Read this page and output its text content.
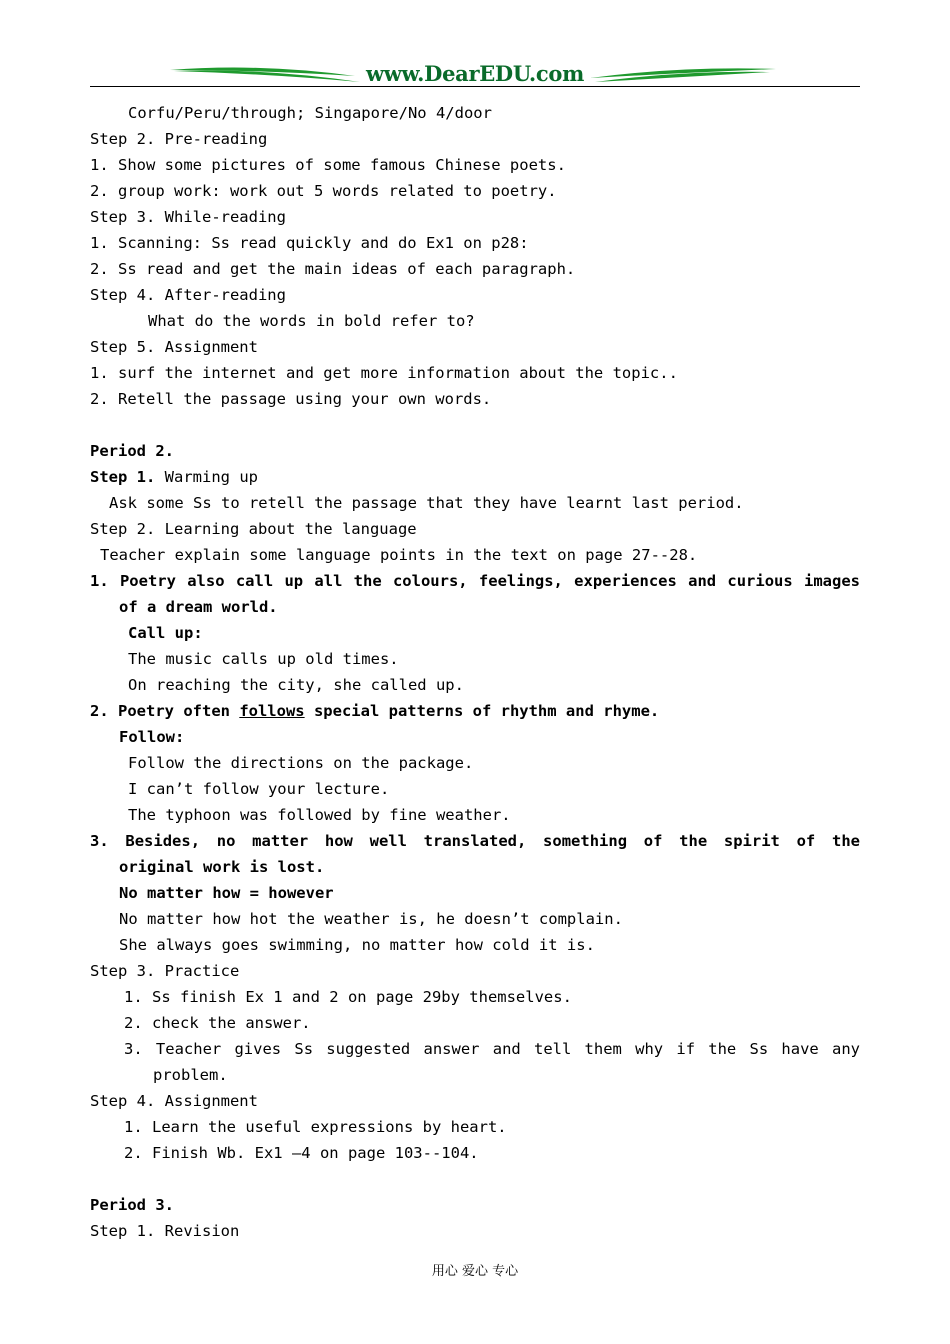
www.DearEDU.com
Corfu/Peru/through; Singapore/No 4/door
Step 2. Pre-reading
1. Show some pictures of some famous Chinese poets.
2. group work: work out 5 words related to poetry.
Step 3. While-reading
1. Scanning: Ss read quickly and do Ex1 on p28:
2. Ss read and get the main ideas of each paragraph.
Step 4. After-reading
What do the words in bold refer to?
Step 5. Assignment
1. surf the internet and get more information about the topic..
2. Retell the passage using your own words.
Period 2.
Step 1. Warming up
Ask some Ss to retell the passage that they have learnt last period.
Step 2. Learning about the language
Teacher explain some language points in the text on page 27--28.
1. Poetry also call up all the colours, feelings, experiences and curious images
of a dream world.
Call up:
The music calls up old times.
On reaching the city, she called up.
2. Poetry often follows special patterns of rhythm and rhyme.
Follow:
Follow the directions on the package.
I can’t follow your lecture.
The typhoon was followed by fine weather.
3. Besides, no matter how well translated, something of the spirit of the
original work is lost.
No matter how = however
No matter how hot the weather is, he doesn’t complain.
She always goes swimming, no matter how cold it is.
Step 3. Practice
1. Ss finish Ex 1 and 2 on page 29by themselves.
2. check the answer.
3. Teacher gives Ss suggested answer and tell them why if the Ss have any
problem.
Step 4. Assignment
1. Learn the useful expressions by heart.
2. Finish Wb. Ex1 –4 on page 103--104.
Period 3.
Step 1. Revision
用心 爱心 专心
